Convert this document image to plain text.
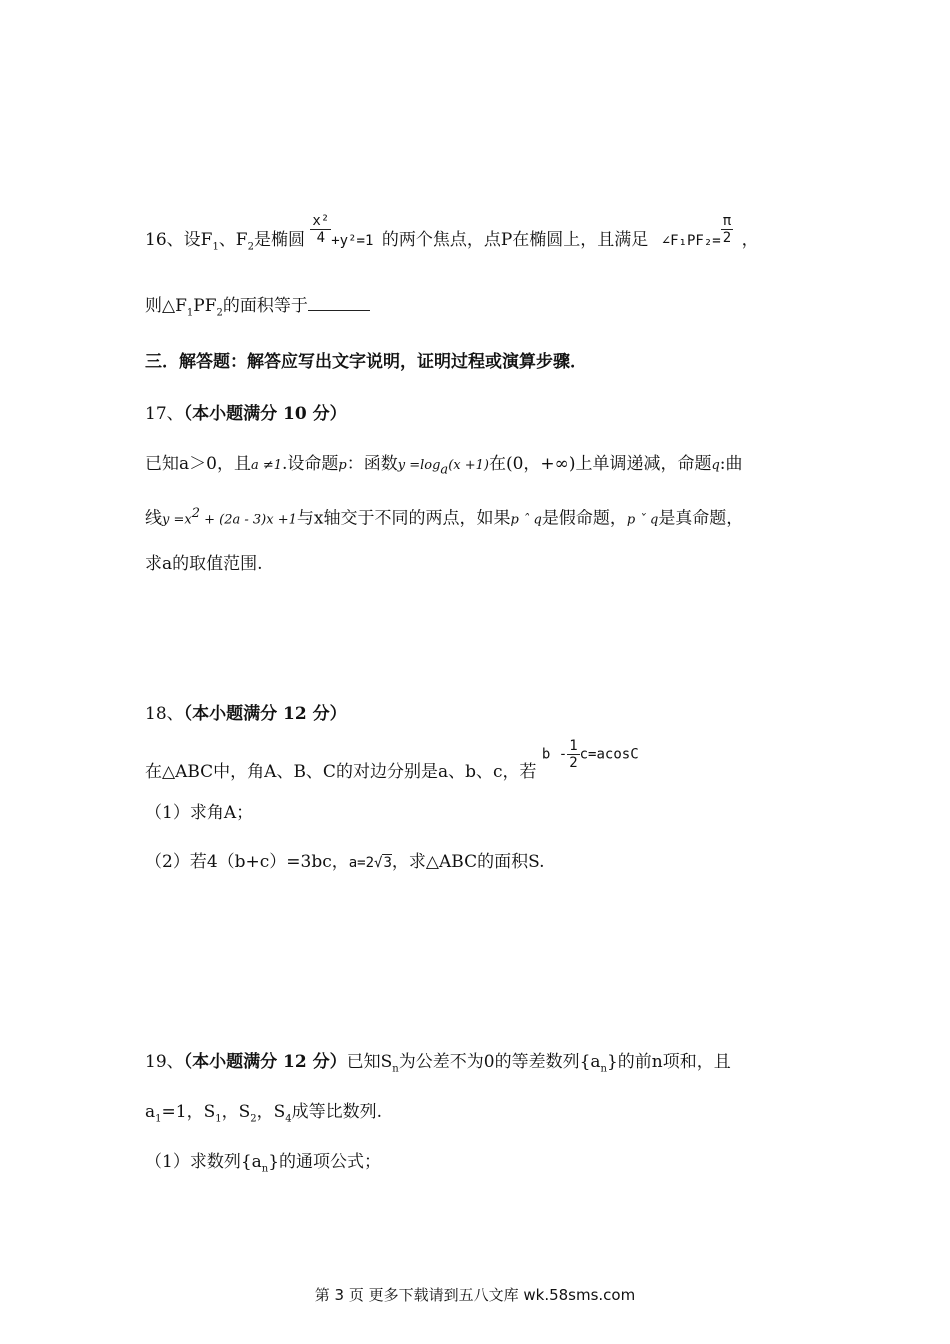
16、设$F_1$、$F_2$是椭圆 $\frac{\text{x²}}{4} +y^2=1$ 的两个焦点，点P在椭圆上，且满足 ∠F₁PF₂= $\frac{\pi}{2}$ ，
则$\triangle F_1PF_2$的面积等于
三．解答题：解答应写出文字说明，证明过程或演算步骤．
17、（本小题满分 10 分）
已知a＞0，且a ≠1.设命题p：函数$y =\log_a(x +1)$在(0，+∞)上单调递减，命题q:曲
线$y =x^2 + (2a - 3)x +1$与x轴交于不同的两点，如果p ˆ q是假命题，p ˇ q是真命题，
求a的取值范围.
18、（本小题满分 12 分）
在△ABC中，角A、B、C的对边分别是a、b、c，若 $b - \frac{1}{2} c=acosC$
（1）求角A；
（2）若4（b+c）=3bc，a=2√3，求△ABC的面积S.
19、（本小题满分 12 分）已知$S_n$为公差不为0的等差数列$\{a_n\}$的前n项和，且
$a_1=1$，$S_1$，$S_2$，$S_4$成等比数列.
（1）求数列$\{a_n\}$的通项公式；
第 3 页 更多下载请到五八文库 wk.58sms.com
